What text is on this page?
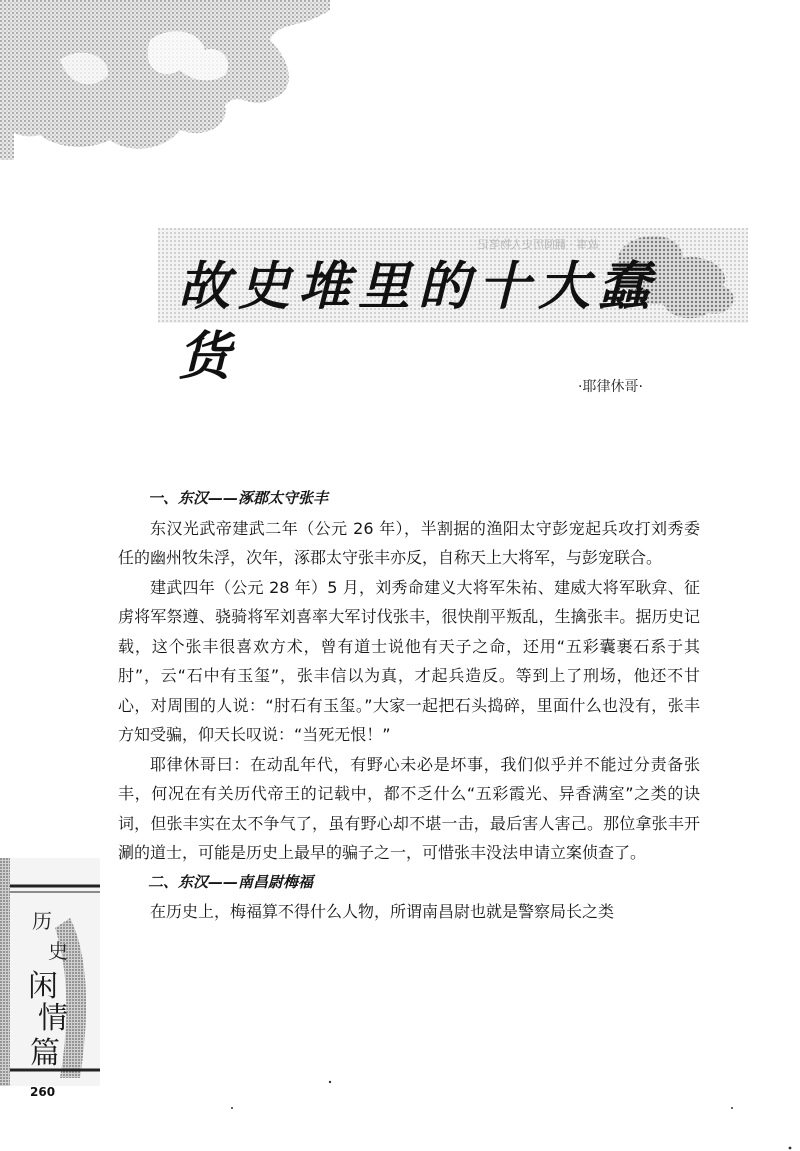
故事 · 翻阅历史人物笔记
故史堆里的十大蠢货	·耶律休哥·
一、东汉——涿郡太守张丰

东汉光武帝建武二年（公元 26 年），半割据的渔阳太守彭宠起兵攻打刘秀委任的幽州牧朱浮，次年，涿郡太守张丰亦反，自称天上大将军，与彭宠联合。

建武四年（公元 28 年）5 月，刘秀命建义大将军朱祐、建威大将军耿弇、征虏将军祭遵、骁骑将军刘喜率大军讨伐张丰，很快削平叛乱，生擒张丰。据历史记载，这个张丰很喜欢方术，曾有道士说他有天子之命，还用“五彩囊裹石系于其肘”，云“石中有玉玺”，张丰信以为真，才起兵造反。等到上了刑场，他还不甘心，对周围的人说：“肘石有玉玺。”大家一起把石头捣碎，里面什么也没有，张丰方知受骗，仰天长叹说：“当死无恨！”

耶律休哥曰：在动乱年代，有野心未必是坏事，我们似乎并不能过分责备张丰，何况在有关历代帝王的记载中，都不乏什么“五彩霞光、异香满室”之类的诀词，但张丰实在太不争气了，虽有野心却不堪一击，最后害人害己。那位拿张丰开涮的道士，可能是历史上最早的骗子之一，可惜张丰没法申请立案侦查了。

二、东汉——南昌尉梅福

在历史上，梅福算不得什么人物，所谓南昌尉也就是警察局长之类

历
史
闲
情
篇
260
